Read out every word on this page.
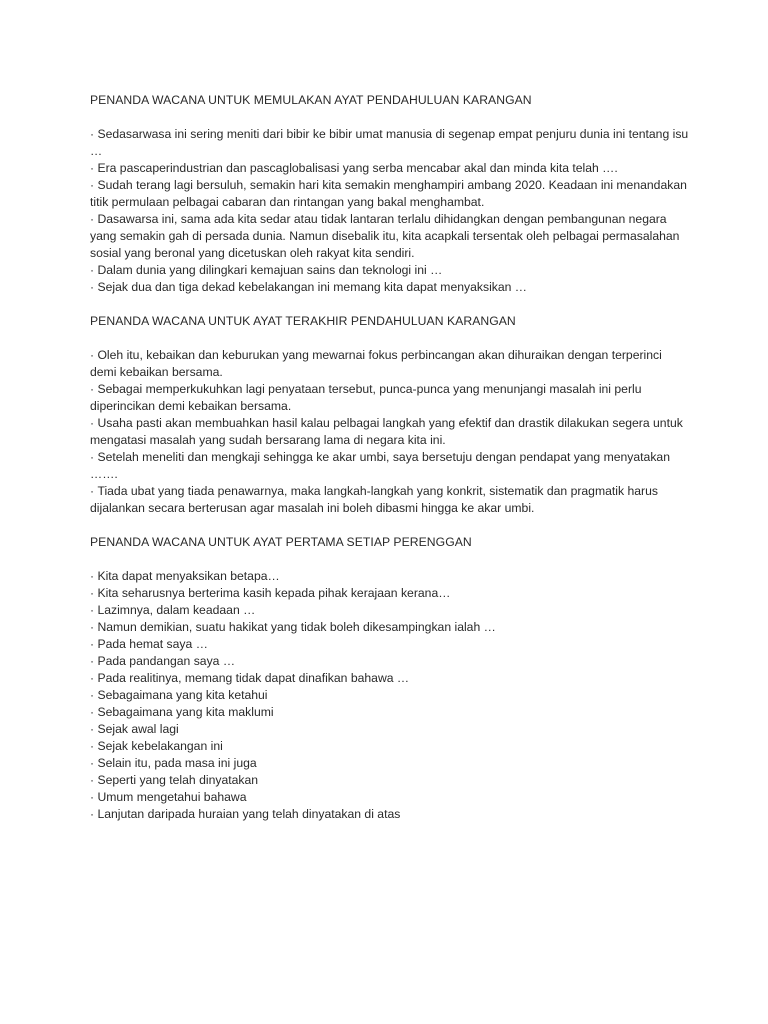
PENANDA WACANA UNTUK MEMULAKAN AYAT PENDAHULUAN KARANGAN
· Sedasarwasa ini sering meniti dari bibir ke bibir umat manusia di segenap empat penjuru dunia ini tentang isu …
· Era pascaperindustrian dan pascaglobalisasi yang serba mencabar akal dan minda kita telah ….
· Sudah terang lagi bersuluh, semakin hari kita semakin menghampiri ambang 2020. Keadaan ini menandakan titik permulaan pelbagai cabaran dan rintangan yang bakal menghambat.
· Dasawarsa ini, sama ada kita sedar atau tidak lantaran terlalu dihidangkan dengan pembangunan negara yang semakin gah di persada dunia. Namun disebalik itu, kita acapkali tersentak oleh pelbagai permasalahan sosial yang beronal yang dicetuskan oleh rakyat kita sendiri.
· Dalam dunia yang dilingkari kemajuan sains dan teknologi ini …
· Sejak dua dan tiga dekad kebelakangan ini memang kita dapat menyaksikan …
PENANDA WACANA UNTUK AYAT TERAKHIR PENDAHULUAN KARANGAN
· Oleh itu, kebaikan dan keburukan yang mewarnai fokus perbincangan akan dihuraikan dengan terperinci demi kebaikan bersama.
· Sebagai memperkukuhkan lagi penyataan tersebut, punca-punca yang menunjangi masalah ini perlu diperincikan demi kebaikan bersama.
· Usaha pasti akan membuahkan hasil kalau pelbagai langkah yang efektif dan drastik dilakukan segera untuk mengatasi masalah yang sudah bersarang lama di negara kita ini.
· Setelah meneliti dan mengkaji sehingga ke akar umbi, saya bersetuju dengan pendapat yang menyatakan …….
· Tiada ubat yang tiada penawarnya, maka langkah-langkah yang konkrit, sistematik dan pragmatik harus dijalankan secara berterusan agar masalah ini boleh dibasmi hingga ke akar umbi.
PENANDA WACANA UNTUK AYAT PERTAMA SETIAP PERENGGAN
· Kita dapat menyaksikan betapa…
· Kita seharusnya berterima kasih kepada pihak kerajaan kerana…
· Lazimnya, dalam keadaan …
· Namun demikian, suatu hakikat yang tidak boleh dikesampingkan ialah …
· Pada hemat saya …
· Pada pandangan saya …
· Pada realitinya, memang tidak dapat dinafikan bahawa …
· Sebagaimana yang kita ketahui
· Sebagaimana yang kita maklumi
· Sejak awal lagi
· Sejak kebelakangan ini
· Selain itu, pada masa ini juga
· Seperti yang telah dinyatakan
· Umum mengetahui bahawa
· Lanjutan daripada huraian yang telah dinyatakan di atas
